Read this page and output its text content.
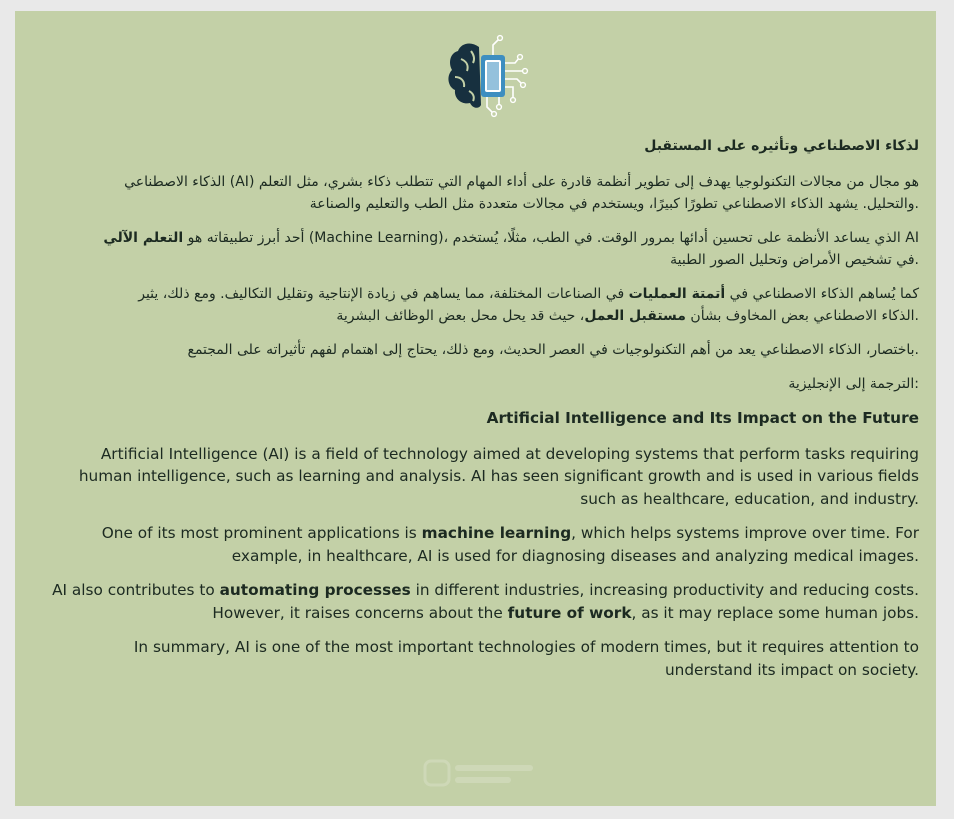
لذكاء الاصطناعي وتأثيره على المستقبل
هو مجال من مجالات التكنولوجيا يهدف إلى تطوير أنظمة قادرة على أداء المهام التي تتطلب ذكاء بشري، مثل التعلم (AI) الذكاء الاصطناعي
.والتحليل. يشهد الذكاء الاصطناعي تطورًا كبيرًا، ويستخدم في مجالات متعددة مثل الطب والتعليم والصناعة
AI الذي يساعد الأنظمة على تحسين أدائها بمرور الوقت. في الطب، مثلًا، يُستخدم ،(Machine Learning) أحد أبرز تطبيقاته هو التعلم الآلي
.في تشخيص الأمراض وتحليل الصور الطبية
كما يُساهم الذكاء الاصطناعي في أتمتة العمليات في الصناعات المختلفة، مما يساهم في زيادة الإنتاجية وتقليل التكاليف. ومع ذلك، يثير
.الذكاء الاصطناعي بعض المخاوف بشأن مستقبل العمل، حيث قد يحل محل بعض الوظائف البشرية
.باختصار، الذكاء الاصطناعي يعد من أهم التكنولوجيات في العصر الحديث، ومع ذلك، يحتاج إلى اهتمام لفهم تأثيراته على المجتمع
:الترجمة إلى الإنجليزية
Artificial Intelligence and Its Impact on the Future
Artificial Intelligence (AI) is a field of technology aimed at developing systems that perform tasks requiring
human intelligence, such as learning and analysis. AI has seen significant growth and is used in various fields
such as healthcare, education, and industry.
One of its most prominent applications is machine learning, which helps systems improve over time. For
example, in healthcare, AI is used for diagnosing diseases and analyzing medical images.
AI also contributes to automating processes in different industries, increasing productivity and reducing costs.
However, it raises concerns about the future of work, as it may replace some human jobs.
In summary, AI is one of the most important technologies of modern times, but it requires attention to
understand its impact on society.
